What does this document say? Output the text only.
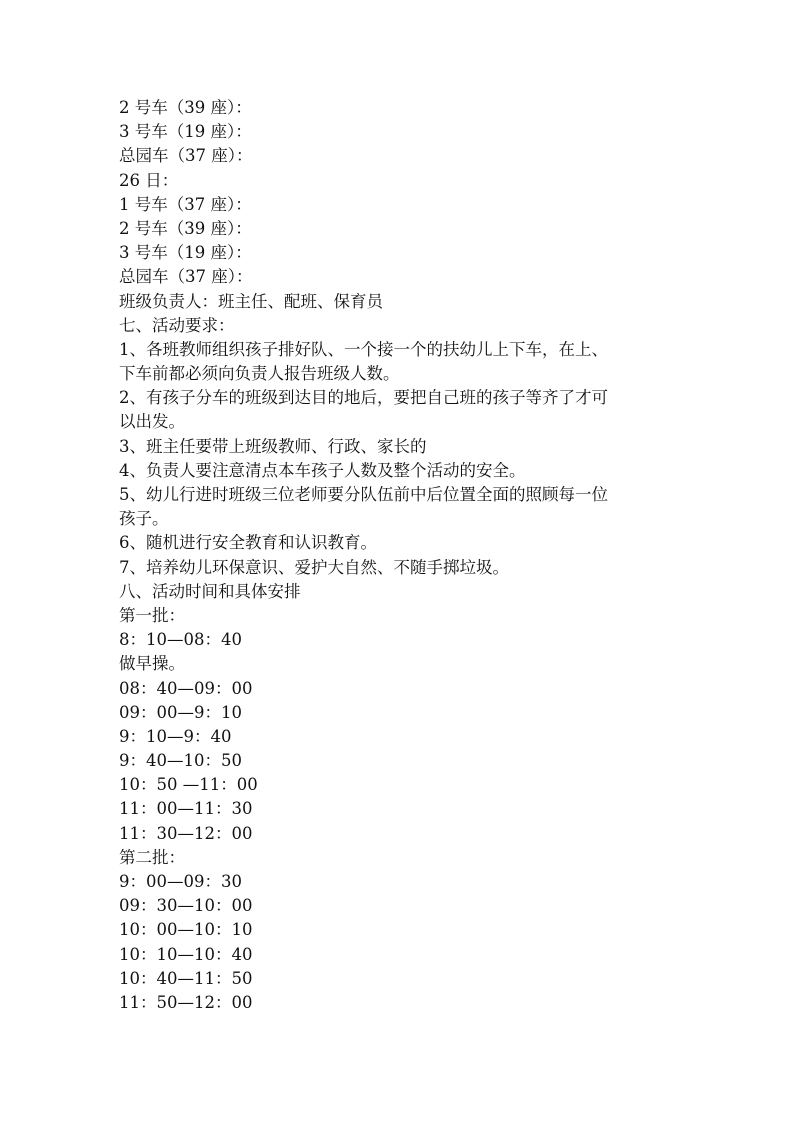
2 号车（39 座）：

3 号车（19 座）：

总园车（37 座）：

26 日：

1 号车（37 座）：

2 号车（39 座）：

3 号车（19 座）：

总园车（37 座）：

班级负责人：班主任、配班、保育员

七、活动要求：

1、各班教师组织孩子排好队、一个接一个的扶幼儿上下车，在上、

下车前都必须向负责人报告班级人数。

2、有孩子分车的班级到达目的地后，要把自己班的孩子等齐了才可

以出发。

3、班主任要带上班级教师、行政、家长的

4、负责人要注意清点本车孩子人数及整个活动的安全。

5、幼儿行进时班级三位老师要分队伍前中后位置全面的照顾每一位

孩子。

6、随机进行安全教育和认识教育。

7、培养幼儿环保意识、爱护大自然、不随手掷垃圾。

八、活动时间和具体安排

第一批：

8：10—08：40

做早操。

08：40—09：00

09：00—9：10

9：10—9：40

9：40—10：50

10：50 —11：00

11：00—11：30

11：30—12：00

第二批：

9：00—09：30

09：30—10：00

10：00—10：10

10：10—10：40

10：40—11：50

11：50—12：00
